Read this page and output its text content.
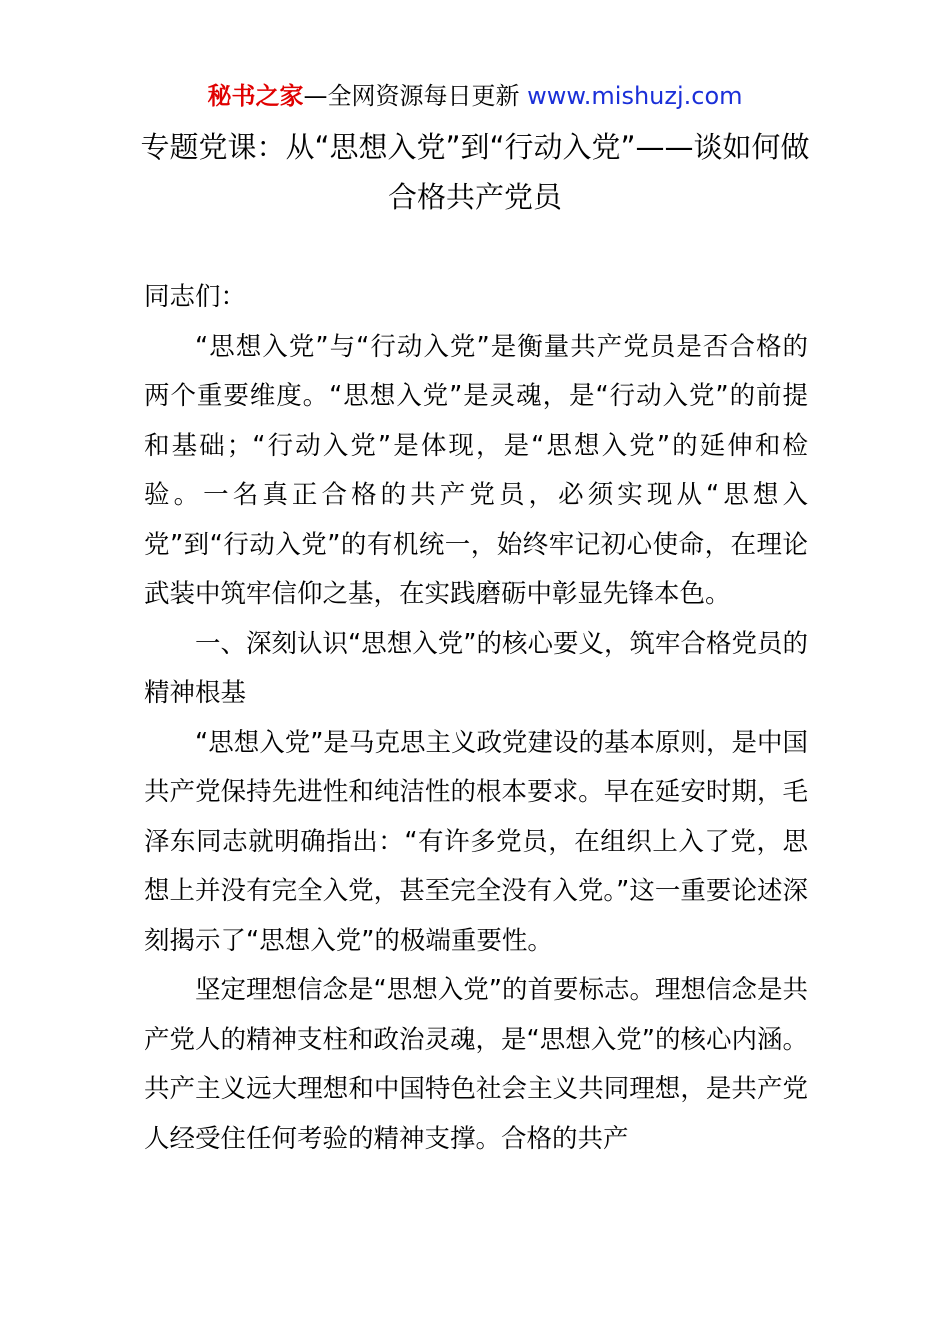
秘书之家—全网资源每日更新 www.mishuzj.com
专题党课：从“思想入党”到“行动入党”——谈如何做合格共产党员

同志们：

“思想入党”与“行动入党”是衡量共产党员是否合格的两个重要维度。“思想入党”是灵魂，是“行动入党”的前提和基础；“行动入党”是体现，是“思想入党”的延伸和检验。一名真正合格的共产党员，必须实现从“思想入党”到“行动入党”的有机统一，始终牢记初心使命，在理论武装中筑牢信仰之基，在实践磨砺中彰显先锋本色。

一、深刻认识“思想入党”的核心要义，筑牢合格党员的精神根基

“思想入党”是马克思主义政党建设的基本原则，是中国共产党保持先进性和纯洁性的根本要求。早在延安时期，毛泽东同志就明确指出：“有许多党员，在组织上入了党，思想上并没有完全入党，甚至完全没有入党。”这一重要论述深刻揭示了“思想入党”的极端重要性。

坚定理想信念是“思想入党”的首要标志。理想信念是共产党人的精神支柱和政治灵魂，是“思想入党”的核心内涵。共产主义远大理想和中国特色社会主义共同理想，是共产党人经受住任何考验的精神支撑。合格的共产
